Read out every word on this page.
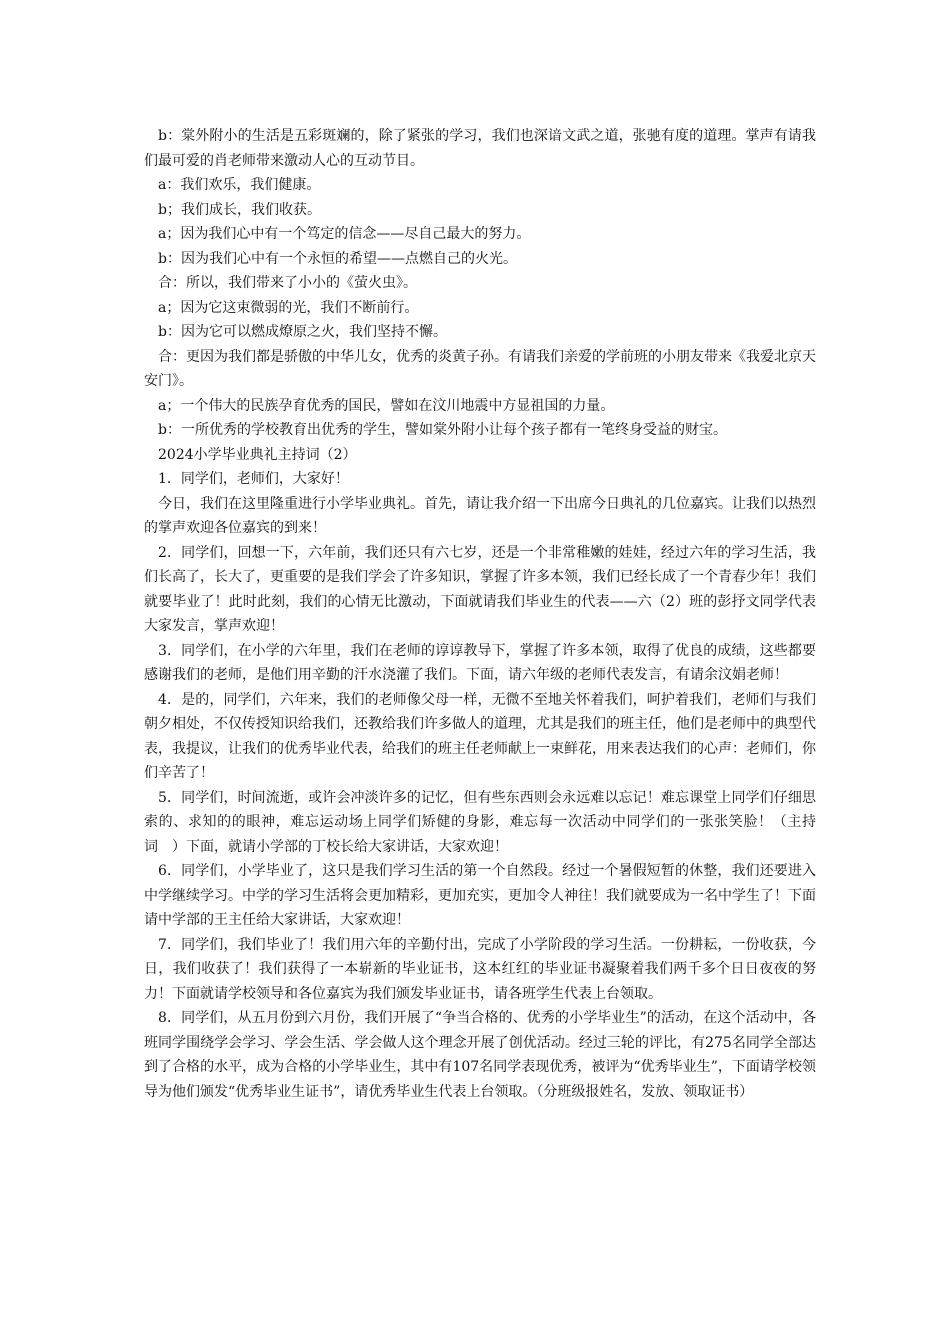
b：棠外附小的生活是五彩斑斓的，除了紧张的学习，我们也深谙文武之道，张驰有度的道理。掌声有请我们最可爱的肖老师带来激动人心的互动节目。

a：我们欢乐，我们健康。

b；我们成长，我们收获。

a；因为我们心中有一个笃定的信念——尽自己最大的努力。

b：因为我们心中有一个永恒的希望——点燃自己的火光。

合：所以，我们带来了小小的《萤火虫》。

a；因为它这束微弱的光，我们不断前行。

b：因为它可以燃成燎原之火，我们坚持不懈。

合：更因为我们都是骄傲的中华儿女，优秀的炎黄子孙。有请我们亲爱的学前班的小朋友带来《我爱北京天安门》。

a；一个伟大的民族孕育优秀的国民，譬如在汶川地震中方显祖国的力量。

b：一所优秀的学校教育出优秀的学生，譬如棠外附小让每个孩子都有一笔终身受益的财宝。

2024小学毕业典礼主持词（2）

1．同学们，老师们，大家好！

今日，我们在这里隆重进行小学毕业典礼。首先，请让我介绍一下出席今日典礼的几位嘉宾。让我们以热烈的掌声欢迎各位嘉宾的到来！

2．同学们，回想一下，六年前，我们还只有六七岁，还是一个非常稚嫩的娃娃，经过六年的学习生活，我们长高了，长大了，更重要的是我们学会了许多知识，掌握了许多本领，我们已经长成了一个青春少年！我们就要毕业了！此时此刻，我们的心情无比激动，下面就请我们毕业生的代表——六（2）班的彭抒文同学代表大家发言，掌声欢迎！

3．同学们，在小学的六年里，我们在老师的谆谆教导下，掌握了许多本领，取得了优良的成绩，这些都要感谢我们的老师，是他们用辛勤的汗水浇灌了我们。下面，请六年级的老师代表发言，有请余汶娟老师！

4．是的，同学们，六年来，我们的老师像父母一样，无微不至地关怀着我们，呵护着我们，老师们与我们朝夕相处，不仅传授知识给我们，还教给我们许多做人的道理，尤其是我们的班主任，他们是老师中的典型代表，我提议，让我们的优秀毕业代表，给我们的班主任老师献上一束鲜花，用来表达我们的心声：老师们，你们辛苦了！

5．同学们，时间流逝，或许会冲淡许多的记忆，但有些东西则会永远难以忘记！难忘课堂上同学们仔细思索的、求知的的眼神，难忘运动场上同学们矫健的身影，难忘每一次活动中同学们的一张张笑脸！（主持词　）下面，就请小学部的丁校长给大家讲话，大家欢迎！

6．同学们，小学毕业了，这只是我们学习生活的第一个自然段。经过一个暑假短暂的休整，我们还要进入中学继续学习。中学的学习生活将会更加精彩，更加充实，更加令人神往！我们就要成为一名中学生了！下面请中学部的王主任给大家讲话，大家欢迎！

7．同学们，我们毕业了！我们用六年的辛勤付出，完成了小学阶段的学习生活。一份耕耘，一份收获，今日，我们收获了！我们获得了一本崭新的毕业证书，这本红红的毕业证书凝聚着我们两千多个日日夜夜的努力！下面就请学校领导和各位嘉宾为我们颁发毕业证书，请各班学生代表上台领取。

8．同学们，从五月份到六月份，我们开展了“争当合格的、优秀的小学毕业生”的活动，在这个活动中，各班同学围绕学会学习、学会生活、学会做人这个理念开展了创优活动。经过三轮的评比，有275名同学全部达到了合格的水平，成为合格的小学毕业生，其中有107名同学表现优秀，被评为“优秀毕业生”，下面请学校领导为他们颁发“优秀毕业生证书”，请优秀毕业生代表上台领取。（分班级报姓名，发放、领取证书）
